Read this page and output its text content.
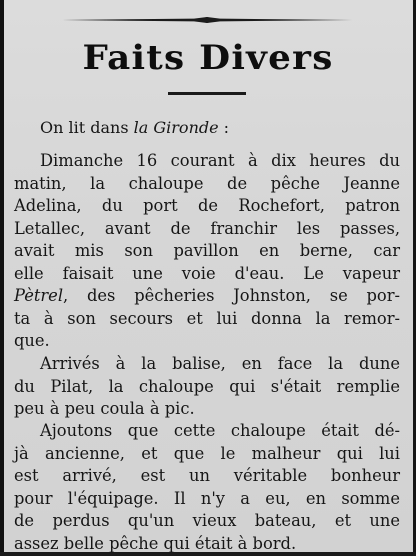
Faits Divers
On lit dans la Gironde :
Dimanche 16 courant à dix heures du
matin, la chaloupe de pêche Jeanne
Adelina, du port de Rochefort, patron
Letallec, avant de franchir les passes,
avait mis son pavillon en berne, car
elle faisait une voie d'eau. Le vapeur
Pètrel, des pêcheries Johnston, se por-
ta à son secours et lui donna la remor-
que.
Arrivés à la balise, en face la dune
du Pilat, la chaloupe qui s'était remplie
peu à peu coula à pic.
Ajoutons que cette chaloupe était dé-
jà ancienne, et que le malheur qui lui
est arrivé, est un véritable bonheur
pour l'équipage. Il n'y a eu, en somme
de perdus qu'un vieux bateau, et une
assez belle pêche qui était à bord.
